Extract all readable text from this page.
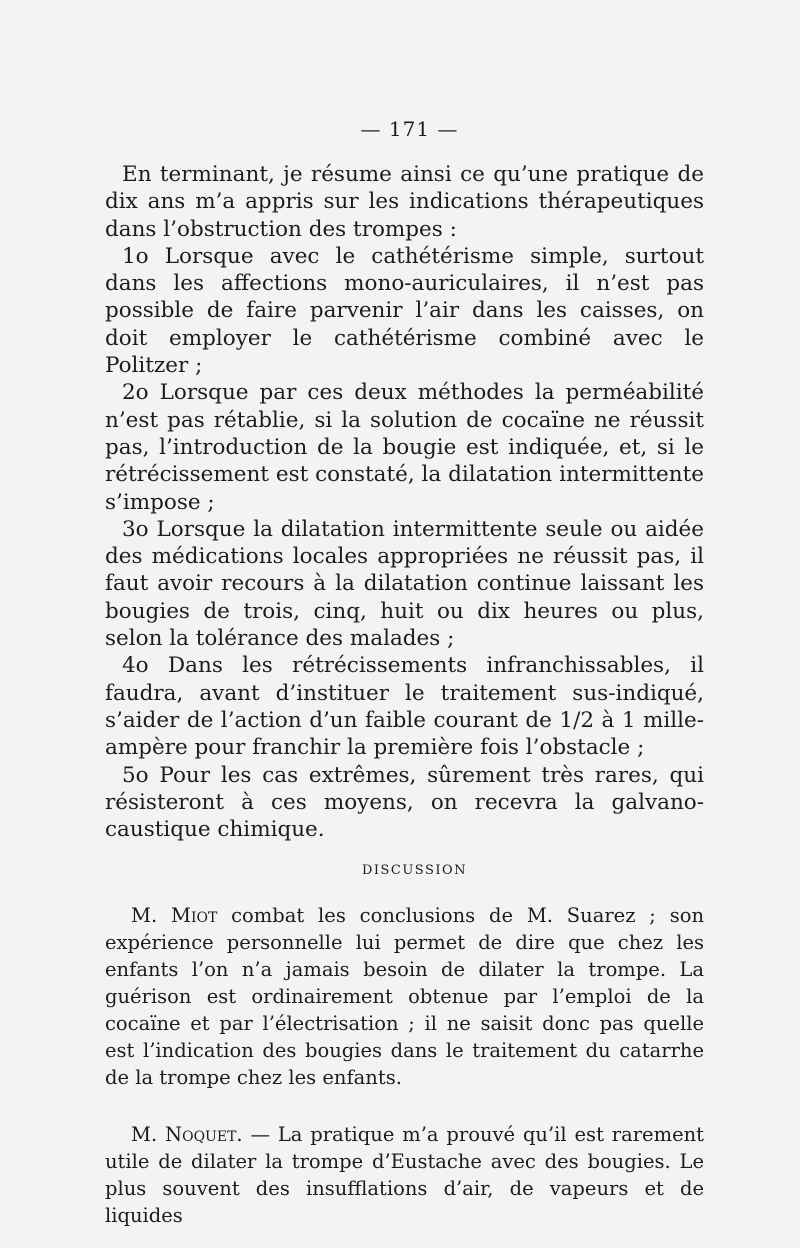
— 171 —

En terminant, je résume ainsi ce qu’une pratique de dix ans m’a appris sur les indications thérapeutiques dans l’obstruction des trompes :

1o Lorsque avec le cathétérisme simple, surtout dans les affections mono-auriculaires, il n’est pas possible de faire parvenir l’air dans les caisses, on doit employer le cathétérisme combiné avec le Politzer ;

2o Lorsque par ces deux méthodes la perméabilité n’est pas rétablie, si la solution de cocaïne ne réussit pas, l’introduction de la bougie est indiquée, et, si le rétrécissement est constaté, la dilatation intermittente s’impose ;

3o Lorsque la dilatation intermittente seule ou aidée des médications locales appropriées ne réussit pas, il faut avoir recours à la dilatation continue laissant les bougies de trois, cinq, huit ou dix heures ou plus, selon la tolérance des malades ;

4o Dans les rétrécissements infranchissables, il faudra, avant d’instituer le traitement sus-indiqué, s’aider de l’action d’un faible courant de 1/2 à 1 mille-ampère pour franchir la première fois l’obstacle ;

5o Pour les cas extrêmes, sûrement très rares, qui résisteront à ces moyens, on recevra la galvano-caustique chimique.

DISCUSSION

M. Miot combat les conclusions de M. Suarez ; son expérience personnelle lui permet de dire que chez les enfants l’on n’a jamais besoin de dilater la trompe. La guérison est ordinairement obtenue par l’emploi de la cocaïne et par l’électrisation ; il ne saisit donc pas quelle est l’indication des bougies dans le traitement du catarrhe de la trompe chez les enfants.

M. Noquet. — La pratique m’a prouvé qu’il est rarement utile de dilater la trompe d’Eustache avec des bougies. Le plus souvent des insufflations d’air, de vapeurs et de liquides
